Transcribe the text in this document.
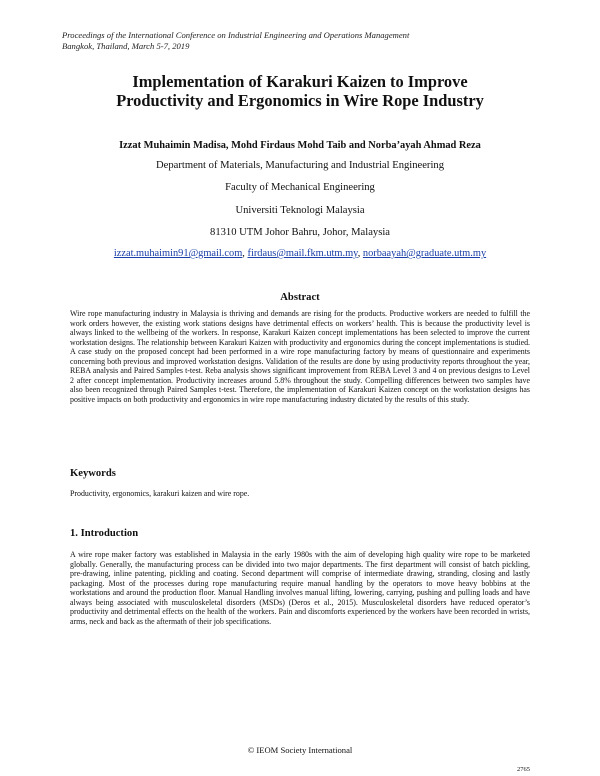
Proceedings of the International Conference on Industrial Engineering and Operations Management
Bangkok, Thailand, March 5-7, 2019
Implementation of Karakuri Kaizen to Improve
Productivity and Ergonomics in Wire Rope Industry
Izzat Muhaimin Madisa, Mohd Firdaus Mohd Taib and Norba’ayah Ahmad Reza
Department of Materials, Manufacturing and Industrial Engineering
Faculty of Mechanical Engineering
Universiti Teknologi Malaysia
81310 UTM Johor Bahru, Johor, Malaysia
izzat.muhaimin91@gmail.com, firdaus@mail.fkm.utm.my, norbaayah@graduate.utm.my
Abstract
Wire rope manufacturing industry in Malaysia is thriving and demands are rising for the products. Productive workers are needed to fulfill the work orders however, the existing work stations designs have detrimental effects on workers’ health. This is because the productivity level is always linked to the wellbeing of the workers. In response, Karakuri Kaizen concept implementations has been selected to improve the current workstation designs. The relationship between Karakuri Kaizen with productivity and ergonomics during the concept implementations is studied. A case study on the proposed concept had been performed in a wire rope manufacturing factory by means of questionnaire and experiments concerning both previous and improved workstation designs. Validation of the results are done by using productivity reports throughout the year, REBA analysis and Paired Samples t-test. Reba analysis shows significant improvement from REBA Level 3 and 4 on previous designs to Level 2 after concept implementation. Productivity increases around 5.8% throughout the study. Compelling differences between two samples have also been recognized through Paired Samples t-test. Therefore, the implementation of Karakuri Kaizen concept on the workstation designs has positive impacts on both productivity and ergonomics in wire rope manufacturing industry dictated by the results of this study.
Keywords
Productivity, ergonomics, karakuri kaizen and wire rope.
1. Introduction
A wire rope maker factory was established in Malaysia in the early 1980s with the aim of developing high quality wire rope to be marketed globally. Generally, the manufacturing process can be divided into two major departments. The first department will consist of batch pickling, pre-drawing, inline patenting, pickling and coating. Second department will comprise of intermediate drawing, stranding, closing and lastly packaging. Most of the processes during rope manufacturing require manual handling by the operators to move heavy bobbins at the workstations and around the production floor. Manual Handling involves manual lifting, lowering, carrying, pushing and pulling loads and have always being associated with musculoskeletal disorders (MSDs) (Deros et al., 2015). Musculoskeletal disorders have reduced operator’s productivity and detrimental effects on the health of the workers. Pain and discomforts experienced by the workers have been recorded in wrists, arms, neck and back as the aftermath of their job specifications.
© IEOM Society International
2765
